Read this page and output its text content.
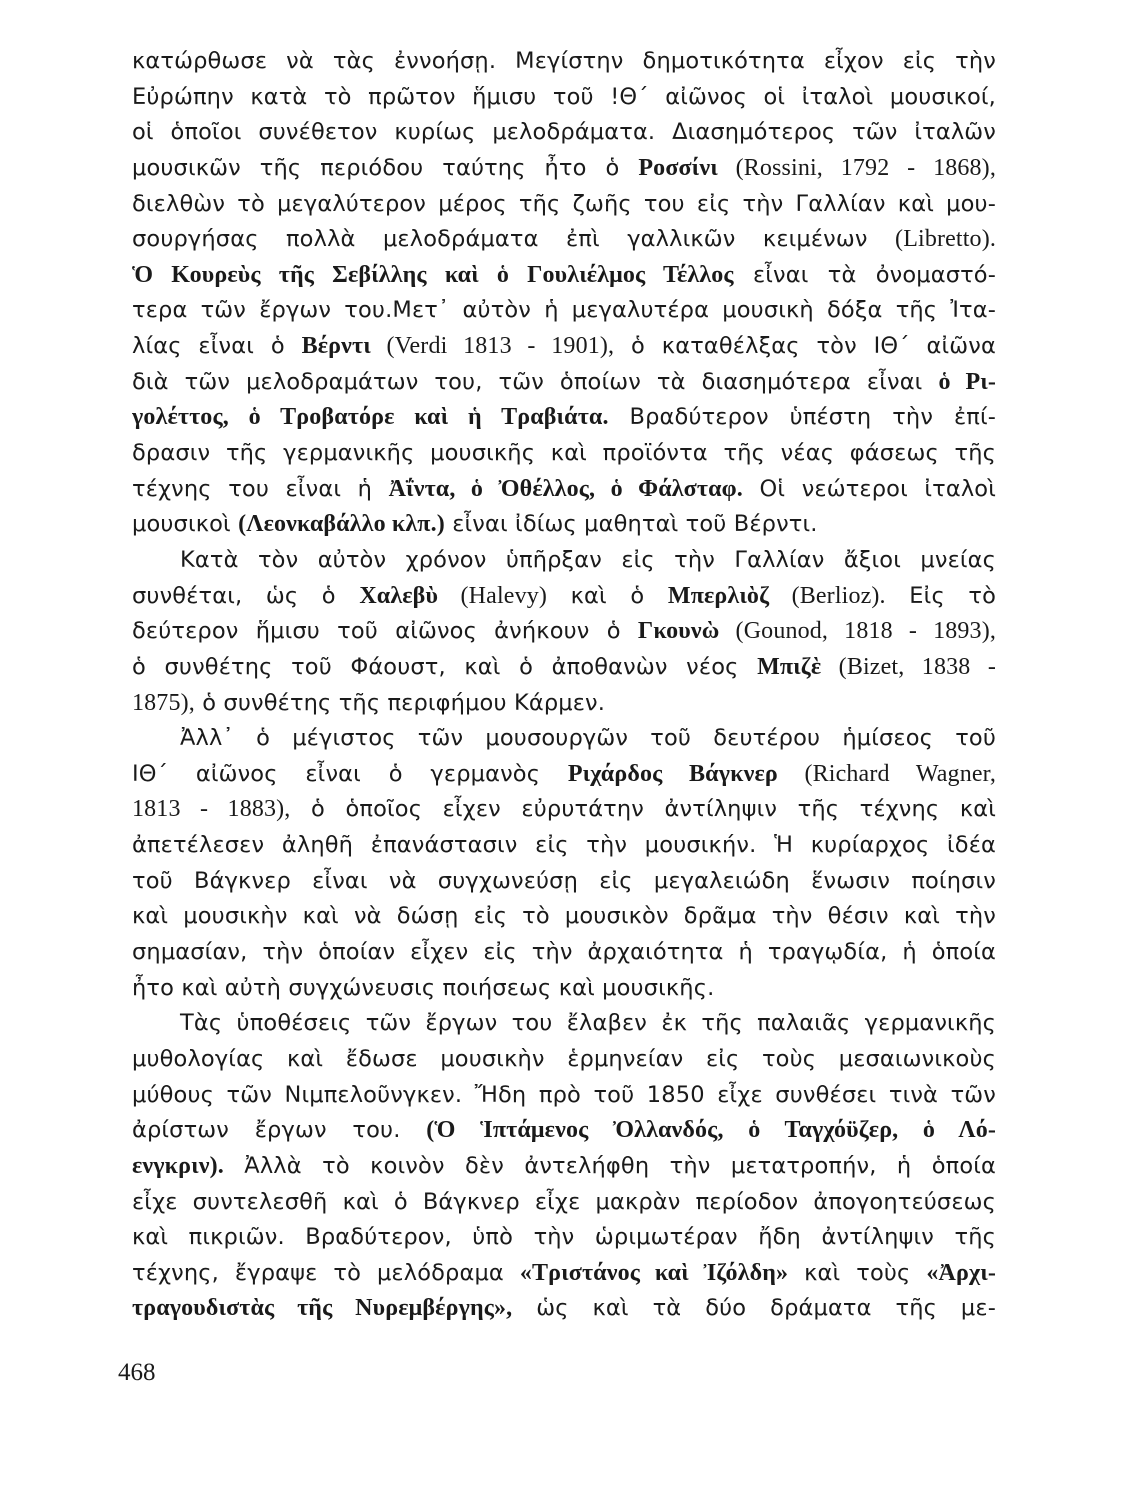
κατώρθωσε νὰ τὰς ἐννοήσῃ. Μεγίστην δημοτικότητα εἶχον εἰς τὴν
Εὐρώπην κατὰ τὸ πρῶτον ἥμισυ τοῦ !Θ΄ αἰῶνος οἱ ἰταλοὶ μουσικοί,
οἱ ὁποῖοι συνέθετον κυρίως μελοδράματα. Διασημότερος τῶν ἰταλῶν
μουσικῶν τῆς περιόδου ταύτης ἦτο ὁ Ροσσίνι (Rossini, 1792 - 1868),
διελθὼν τὸ μεγαλύτερον μέρος τῆς ζωῆς του εἰς τὴν Γαλλίαν καὶ μου-
σουργήσας πολλὰ μελοδράματα ἐπὶ γαλλικῶν κειμένων (Libretto).
Ὁ Κουρεὺς τῆς Σεβίλλης καὶ ὁ Γουλιέλμος Τέλλος εἶναι τὰ ὀνομαστό-
τερα τῶν ἔργων του.Μετ᾽ αὐτὸν ἡ μεγαλυτέρα μουσικὴ δόξα τῆς Ἰτα-
λίας εἶναι ὁ Βέρντι (Verdi 1813 - 1901), ὁ καταθέλξας τὸν ΙΘ΄ αἰῶνα
διὰ τῶν μελοδραμάτων του, τῶν ὁποίων τὰ διασημότερα εἶναι ὁ Ρι-
γολέττος, ὁ Τροβατόρε καὶ ἡ Τραβιάτα. Βραδύτερον ὑπέστη τὴν ἐπί-
δρασιν τῆς γερμανικῆς μουσικῆς καὶ προϊόντα τῆς νέας φάσεως τῆς
τέχνης του εἶναι ἡ Ἀΐντα, ὁ Ὀθέλλος, ὁ Φάλσταφ. Οἱ νεώτεροι ἰταλοὶ
μουσικοὶ (Λεονκαβάλλο κλπ.) εἶναι ἰδίως μαθηταὶ τοῦ Βέρντι.
Κατὰ τὸν αὐτὸν χρόνον ὑπῆρξαν εἰς τὴν Γαλλίαν ἄξιοι μνείας
συνθέται, ὡς ὁ Χαλεβὺ (Halevy) καὶ ὁ Μπερλιὸζ (Berlioz). Εἰς τὸ
δεύτερον ἥμισυ τοῦ αἰῶνος ἀνήκουν ὁ Γκουνὼ (Gounod, 1818 - 1893),
ὁ συνθέτης τοῦ Φάουστ, καὶ ὁ ἀποθανὼν νέος Μπιζὲ (Bizet, 1838 -
1875), ὁ συνθέτης τῆς περιφήμου Κάρμεν.
Ἀλλ᾽ ὁ μέγιστος τῶν μουσουργῶν τοῦ δευτέρου ἡμίσεος τοῦ
ΙΘ΄ αἰῶνος εἶναι ὁ γερμανὸς Ριχάρδος Βάγκνερ (Richard Wagner,
1813 - 1883), ὁ ὁποῖος εἶχεν εὐρυτάτην ἀντίληψιν τῆς τέχνης καὶ
ἀπετέλεσεν ἀληθῆ ἐπανάστασιν εἰς τὴν μουσικήν. Ἡ κυρίαρχος ἰδέα
τοῦ Βάγκνερ εἶναι νὰ συγχωνεύσῃ εἰς μεγαλειώδη ἕνωσιν ποίησιν
καὶ μουσικὴν καὶ νὰ δώσῃ εἰς τὸ μουσικὸν δρᾶμα τὴν θέσιν καὶ τὴν
σημασίαν, τὴν ὁποίαν εἶχεν εἰς τὴν ἀρχαιότητα ἡ τραγῳδία, ἡ ὁποία
ἦτο καὶ αὐτὴ συγχώνευσις ποιήσεως καὶ μουσικῆς.
Τὰς ὑποθέσεις τῶν ἔργων του ἔλαβεν ἐκ τῆς παλαιᾶς γερμανικῆς
μυθολογίας καὶ ἔδωσε μουσικὴν ἑρμηνείαν εἰς τοὺς μεσαιωνικοὺς
μύθους τῶν Νιμπελοῦνγκεν. Ἤδη πρὸ τοῦ 1850 εἶχε συνθέσει τινὰ τῶν
ἀρίστων ἔργων του. (Ὁ Ἱπτάμενος Ὀλλανδός, ὁ Ταγχόϋζερ, ὁ Λό-
ενγκριν). Ἀλλὰ τὸ κοινὸν δὲν ἀντελήφθη τὴν μετατροπήν, ἡ ὁποία
εἶχε συντελεσθῆ καὶ ὁ Βάγκνερ εἶχε μακρὰν περίοδον ἀπογοητεύσεως
καὶ πικριῶν. Βραδύτερον, ὑπὸ τὴν ὡριμωτέραν ἤδη ἀντίληψιν τῆς
τέχνης, ἔγραψε τὸ μελόδραμα «Τριστάνος καὶ Ἰζόλδη» καὶ τοὺς «Ἀρχι-
τραγουδιστὰς τῆς Νυρεμβέργης», ὡς καὶ τὰ δύο δράματα τῆς με-
468
